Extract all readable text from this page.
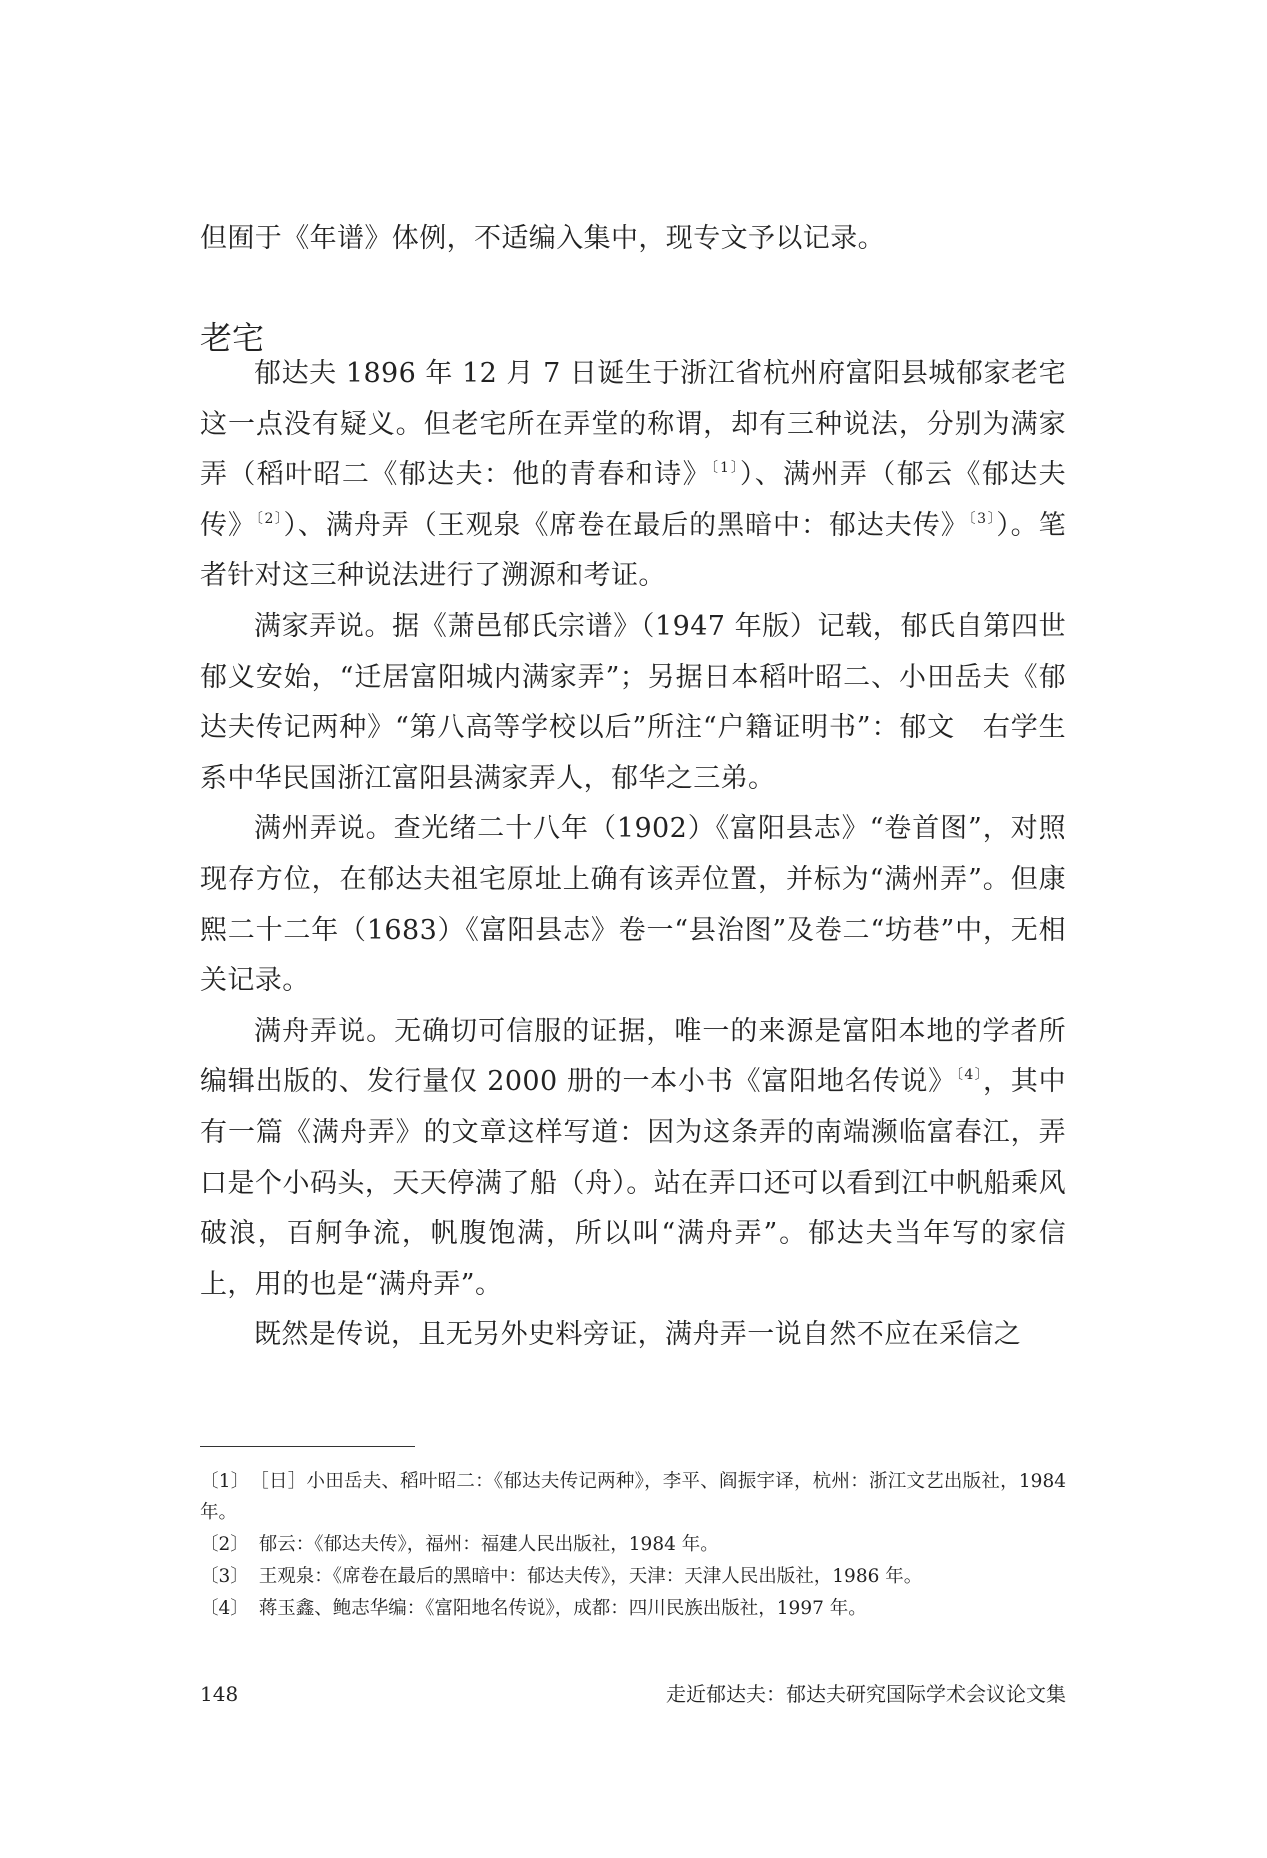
但囿于《年谱》体例，不适编入集中，现专文予以记录。

老宅

郁达夫 1896 年 12 月 7 日诞生于浙江省杭州府富阳县城郁家老宅这一点没有疑义。但老宅所在弄堂的称谓，却有三种说法，分别为满家弄（稻叶昭二《郁达夫：他的青春和诗》$^{〔1〕}$）、满州弄（郁云《郁达夫传》$^{〔2〕}$）、满舟弄（王观泉《席卷在最后的黑暗中：郁达夫传》$^{〔3〕}$）。笔者针对这三种说法进行了溯源和考证。

满家弄说。据《萧邑郁氏宗谱》（1947 年版）记载，郁氏自第四世郁义安始，“迁居富阳城内满家弄”；另据日本稻叶昭二、小田岳夫《郁达夫传记两种》“第八高等学校以后”所注“户籍证明书”：郁文　右学生系中华民国浙江富阳县满家弄人，郁华之三弟。

满州弄说。查光绪二十八年（1902）《富阳县志》“卷首图”，对照现存方位，在郁达夫祖宅原址上确有该弄位置，并标为“满州弄”。但康熙二十二年（1683）《富阳县志》卷一“县治图”及卷二“坊巷”中，无相关记录。

满舟弄说。无确切可信服的证据，唯一的来源是富阳本地的学者所编辑出版的、发行量仅 2000 册的一本小书《富阳地名传说》$^{〔4〕}$，其中有一篇《满舟弄》的文章这样写道：因为这条弄的南端濒临富春江，弄口是个小码头，天天停满了船（舟）。站在弄口还可以看到江中帆船乘风破浪，百舸争流，帆腹饱满，所以叫“满舟弄”。郁达夫当年写的家信上，用的也是“满舟弄”。

既然是传说，且无另外史料旁证，满舟弄一说自然不应在采信之

〔1〕 ［日］小田岳夫、稻叶昭二：《郁达夫传记两种》，李平、阎振宇译，杭州：浙江文艺出版社，1984 年。
〔2〕 郁云：《郁达夫传》，福州：福建人民出版社，1984 年。
〔3〕 王观泉：《席卷在最后的黑暗中：郁达夫传》，天津：天津人民出版社，1986 年。
〔4〕 蒋玉鑫、鲍志华编：《富阳地名传说》，成都：四川民族出版社，1997 年。
148	走近郁达夫：郁达夫研究国际学术会议论文集
